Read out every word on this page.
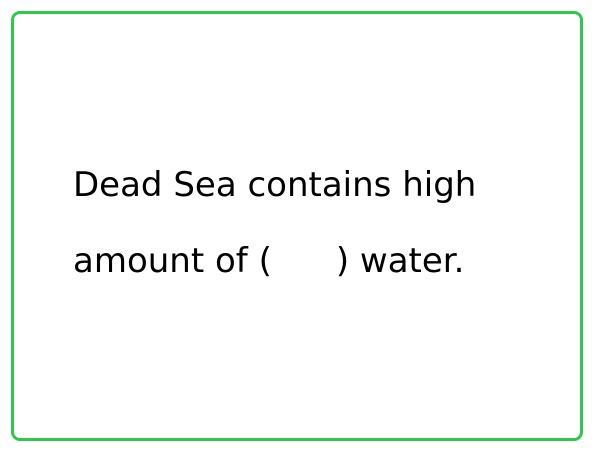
Dead Sea contains high
amount of ( ) water.
